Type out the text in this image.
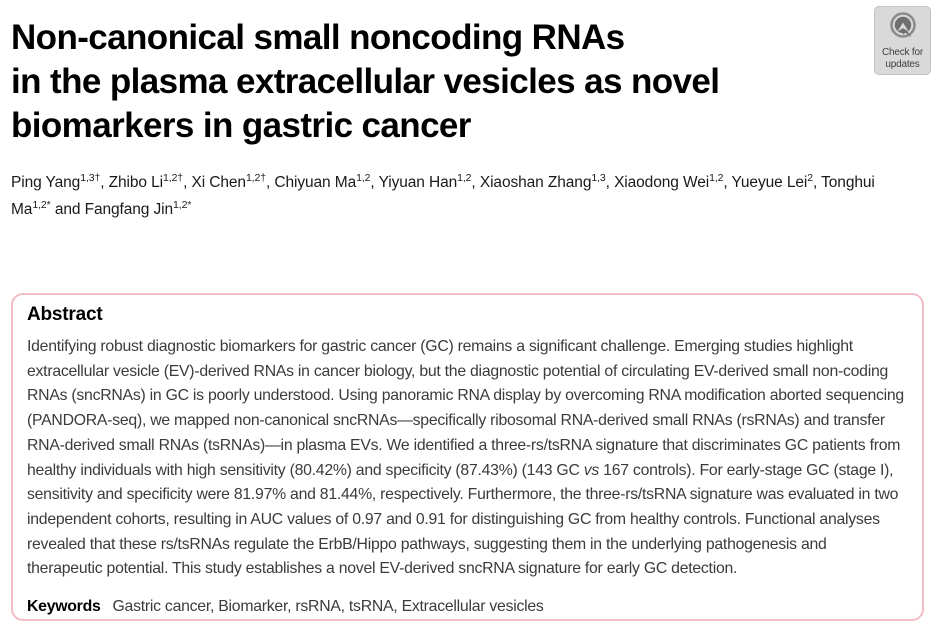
Check for
updates
Non-canonical small noncoding RNAs
in the plasma extracellular vesicles as novel
biomarkers in gastric cancer
Ping Yang$^{1,3\dagger}$, Zhibo $Li^{1,2\dagger}$, Xi Chen$^{1,2\dagger}$, Chiyuan Ma$^{1,2}$, Yiyuan Han$^{1,2}$, Xiaoshan Zhang$^{1,3}$, Xiaodong Wei$^{1,2}$, Yueyue Lei$^2$, Tonghui $Ma^{1,2*}$ and Fangfang Jin$^{1,2*}$
Abstract

Identifying robust diagnostic biomarkers for gastric cancer (GC) remains a significant challenge. Emerging studies highlight extracellular vesicle (EV)-derived RNAs in cancer biology, but the diagnostic potential of circulating EV-derived small non-coding RNAs (sncRNAs) in GC is poorly understood. Using panoramic RNA display by overcoming RNA modification aborted sequencing (PANDORA-seq), we mapped non-canonical sncRNAs—specifically ribosomal RNA-derived small RNAs (rsRNAs) and transfer RNA-derived small RNAs (tsRNAs)—in plasma EVs. We identified a three-rs/tsRNA signature that discriminates GC patients from healthy individuals with high sensitivity (80.42%) and specificity (87.43%) (143 GC vs 167 controls). For early-stage GC (stage I), sensitivity and specificity were 81.97% and 81.44%, respectively. Furthermore, the three-rs/tsRNA signature was evaluated in two independent cohorts, resulting in AUC values of 0.97 and 0.91 for distinguishing GC from healthy controls. Functional analyses revealed that these rs/tsRNAs regulate the ErbB/Hippo pathways, suggesting them in the underlying pathogenesis and therapeutic potential. This study establishes a novel EV-derived sncRNA signature for early GC detection.

Keywords Gastric cancer, Biomarker, rsRNA, tsRNA, Extracellular vesicles
